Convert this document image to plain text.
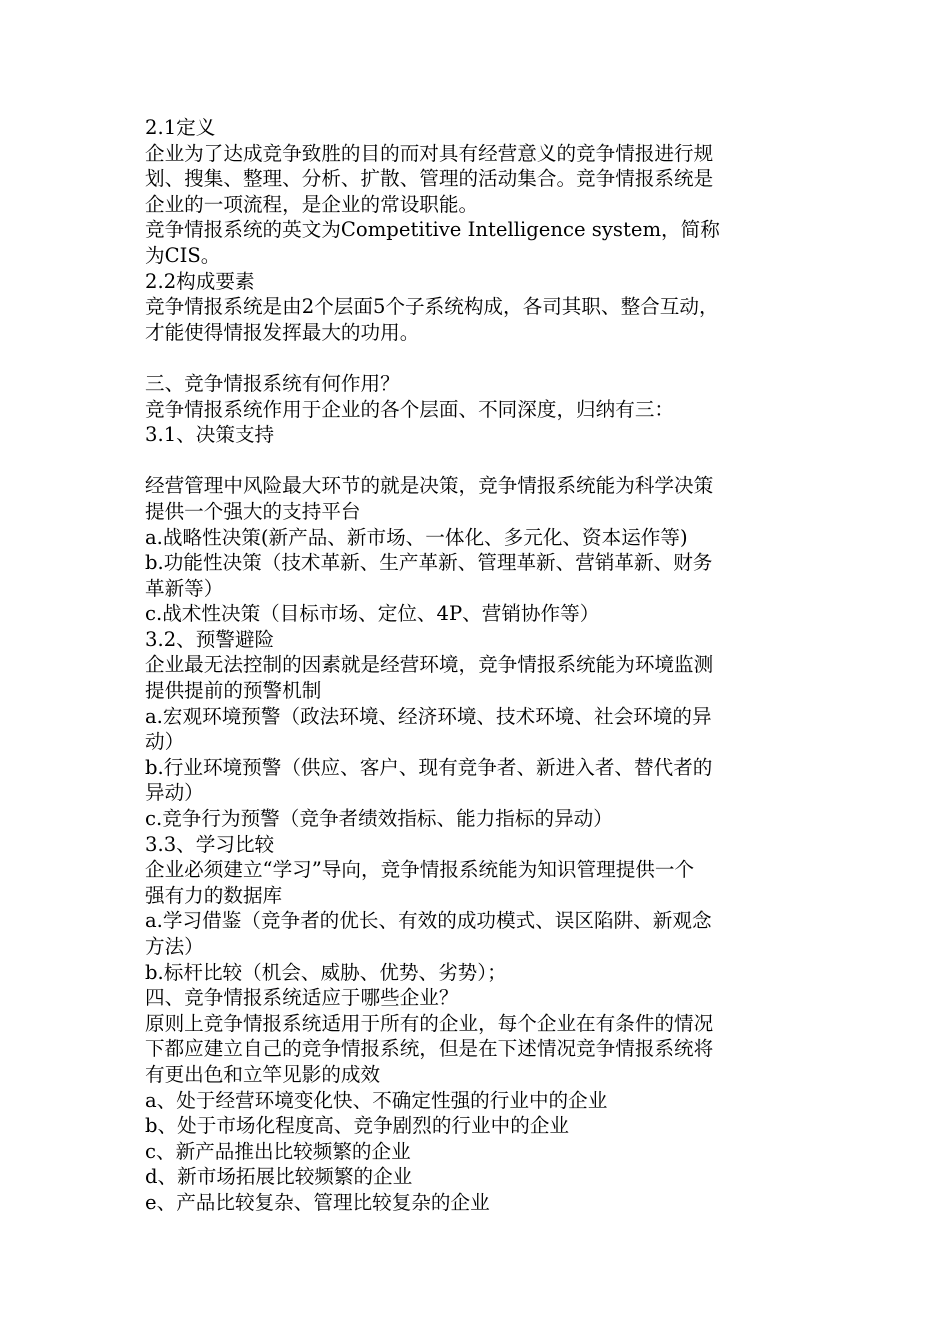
2.1定义
企业为了达成竞争致胜的目的而对具有经营意义的竞争情报进行规
划、搜集、整理、分析、扩散、管理的活动集合。竞争情报系统是
企业的一项流程，是企业的常设职能。
竞争情报系统的英文为Competitive Intelligence system，简称
为CIS。
2.2构成要素
竞争情报系统是由2个层面5个子系统构成，各司其职、整合互动，
才能使得情报发挥最大的功用。
三、竞争情报系统有何作用？
竞争情报系统作用于企业的各个层面、不同深度，归纳有三：
3.1、决策支持
经营管理中风险最大环节的就是决策，竞争情报系统能为科学决策
提供一个强大的支持平台
a.战略性决策(新产品、新市场、一体化、多元化、资本运作等)
b.功能性决策（技术革新、生产革新、管理革新、营销革新、财务
革新等）
c.战术性决策（目标市场、定位、4P、营销协作等）
3.2、预警避险
企业最无法控制的因素就是经营环境，竞争情报系统能为环境监测
提供提前的预警机制
a.宏观环境预警（政法环境、经济环境、技术环境、社会环境的异
动）
b.行业环境预警（供应、客户、现有竞争者、新进入者、替代者的
异动）
c.竞争行为预警（竞争者绩效指标、能力指标的异动）
3.3、学习比较
企业必须建立“学习”导向，竞争情报系统能为知识管理提供一个
强有力的数据库
a.学习借鉴（竞争者的优长、有效的成功模式、误区陷阱、新观念
方法）
b.标杆比较（机会、威胁、优势、劣势）；
四、竞争情报系统适应于哪些企业？
原则上竞争情报系统适用于所有的企业，每个企业在有条件的情况
下都应建立自己的竞争情报系统，但是在下述情况竞争情报系统将
有更出色和立竿见影的成效
a、处于经营环境变化快、不确定性强的行业中的企业
b、处于市场化程度高、竞争剧烈的行业中的企业
c、新产品推出比较频繁的企业
d、新市场拓展比较频繁的企业
e、产品比较复杂、管理比较复杂的企业
